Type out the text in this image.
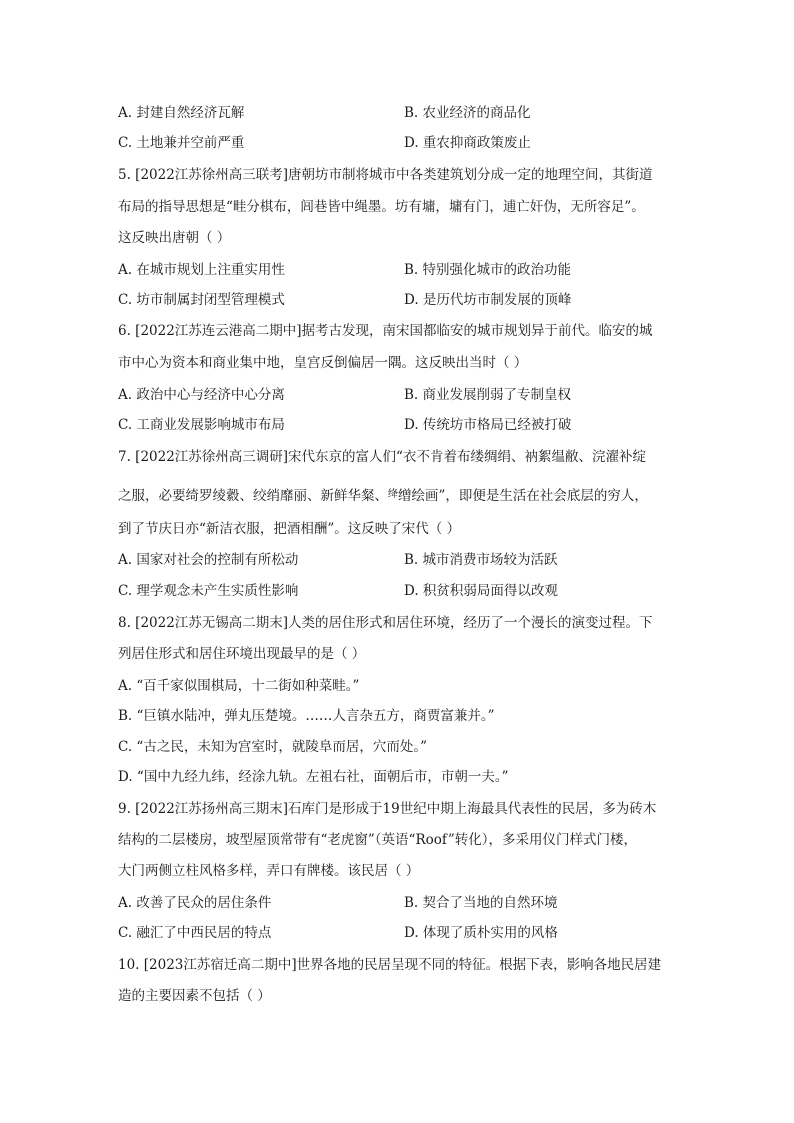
A. 封建自然经济瓦解	B. 农业经济的商品化
C. 土地兼并空前严重	D. 重农抑商政策废止
5. [2022江苏徐州高三联考]唐朝坊市制将城市中各类建筑划分成一定的地理空间，其街道
布局的指导思想是“畦分棋布，闾巷皆中绳墨。坊有墉，墉有门，逋亡奸伪，无所容足”。
这反映出唐朝（ ）
A. 在城市规划上注重实用性	B. 特别强化城市的政治功能
C. 坊市制属封闭型管理模式	D. 是历代坊市制发展的顶峰
6. [2022江苏连云港高二期中]据考古发现，南宋国都临安的城市规划异于前代。临安的城
市中心为资本和商业集中地，皇宫反倒偏居一隅。这反映出当时（ ）
A. 政治中心与经济中心分离	B. 商业发展削弱了专制皇权
C. 工商业发展影响城市布局	D. 传统坊市格局已经被打破
7. [2022江苏徐州高三调研]宋代东京的富人们“衣不肯着布缕绸绢、衲絮缊敝、浣濯补绽
之服，必要绮罗绫縠、绞绡靡丽、新鲜华粲、$^绛$缯绘画”，即便是生活在社会底层的穷人，
到了节庆日亦“新洁衣服，把酒相酬”。这反映了宋代（ ）
A. 国家对社会的控制有所松动	B. 城市消费市场较为活跃
C. 理学观念未产生实质性影响	D. 积贫积弱局面得以改观
8. [2022江苏无锡高二期末]人类的居住形式和居住环境，经历了一个漫长的演变过程。下
列居住形式和居住环境出现最早的是（ ）
A. “百千家似围棋局，十二街如种菜畦。”
B. “巨镇水陆冲，弹丸压楚境。……人言杂五方，商贾富兼并。”
C. “古之民，未知为宫室时，就陵阜而居，穴而处。”
D. “国中九经九纬，经涂九轨。左祖右社，面朝后市，市朝一夫。”
9. [2022江苏扬州高三期末]石库门是形成于19世纪中期上海最具代表性的民居，多为砖木
结构的二层楼房，坡型屋顶常带有“老虎窗”（英语“Roof”转化），多采用仪门样式门楼，
大门两侧立柱风格多样，弄口有牌楼。该民居（ ）
A. 改善了民众的居住条件	B. 契合了当地的自然环境
C. 融汇了中西民居的特点	D. 体现了质朴实用的风格
10. [2023江苏宿迁高二期中]世界各地的民居呈现不同的特征。根据下表，影响各地民居建
造的主要因素不包括（ ）
